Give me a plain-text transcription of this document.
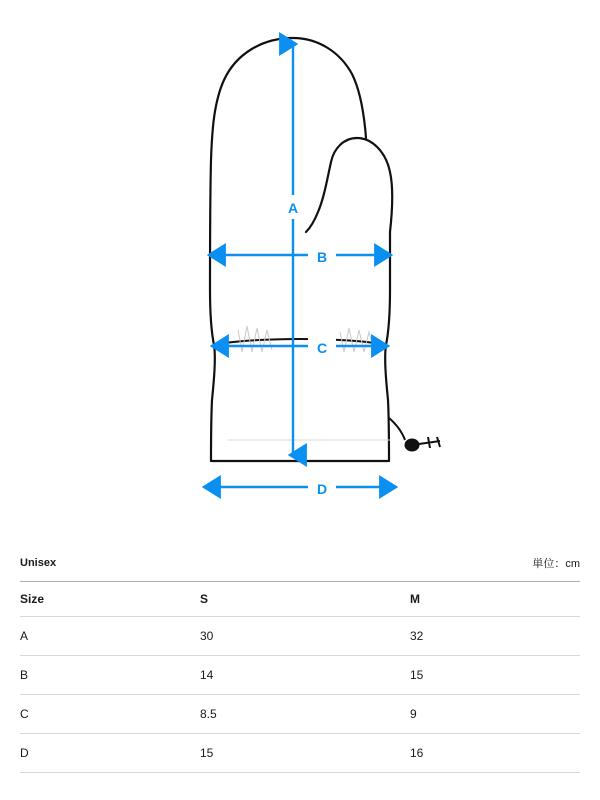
A
B
C
D
Unisex	単位：cm
Size	S	M
A	30	32
B	14	15
C	8.5	9
D	15	16
